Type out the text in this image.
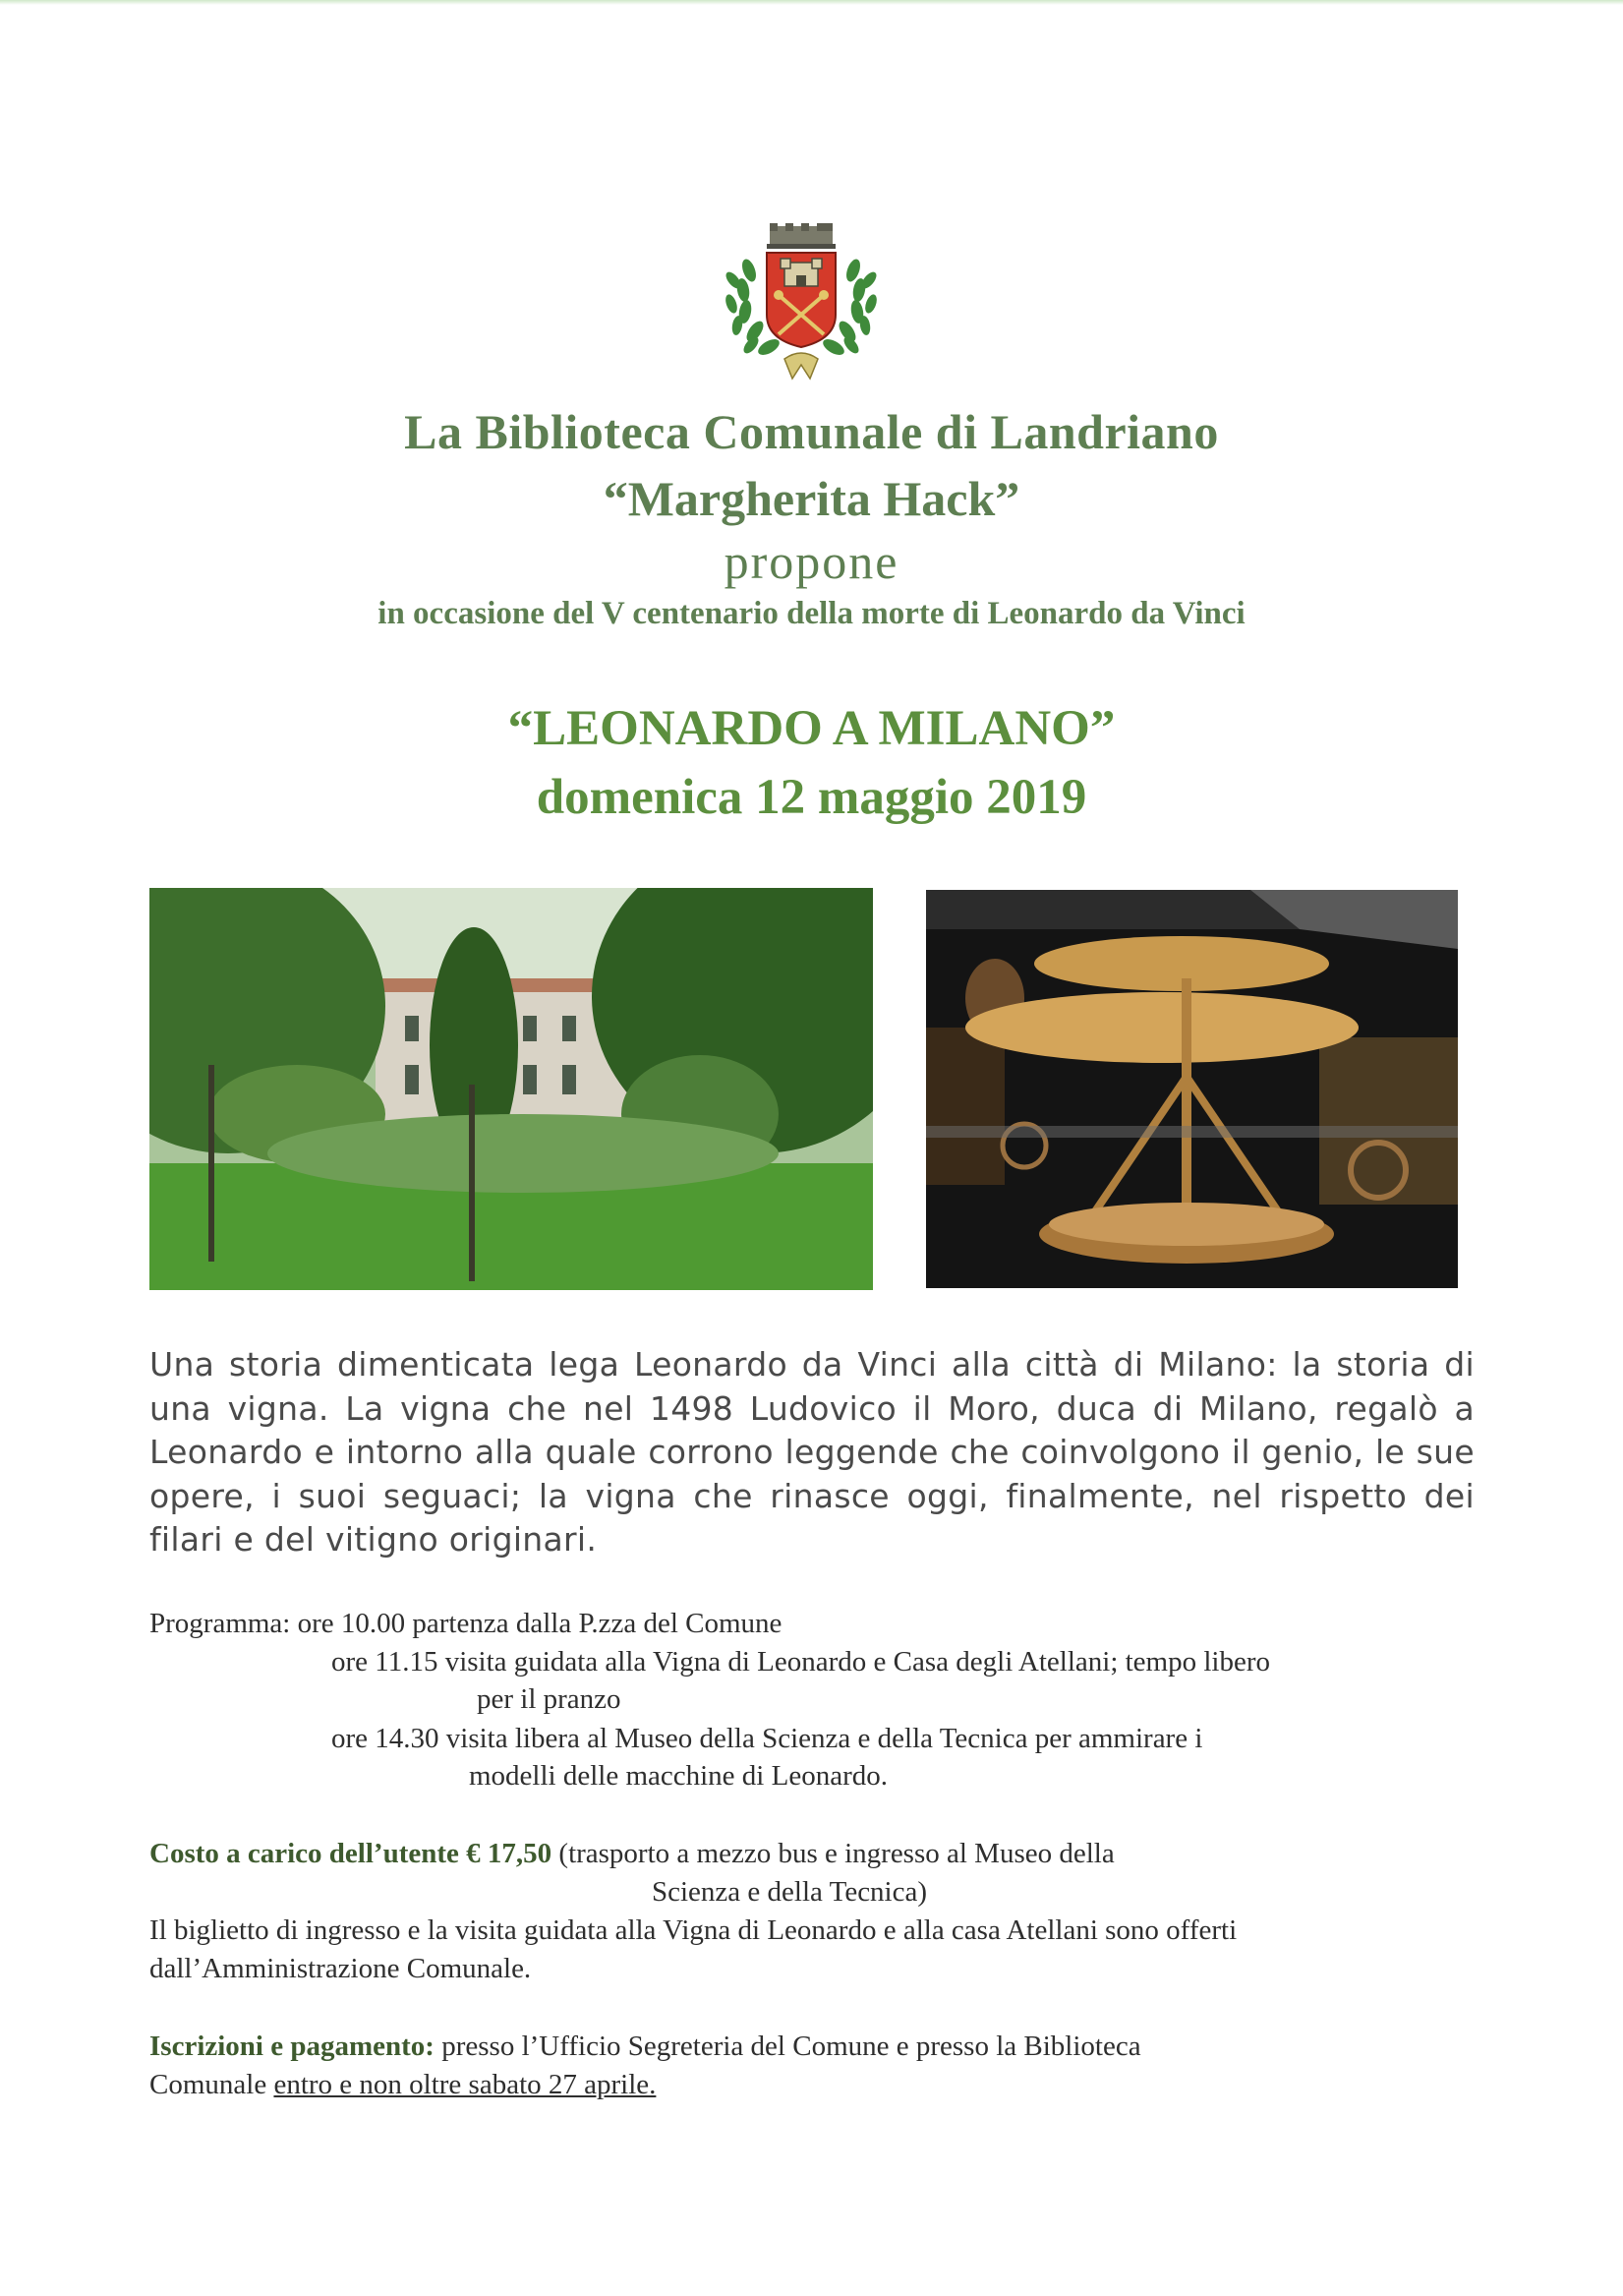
La Biblioteca Comunale di Landriano
“Margherita Hack”
propone
in occasione del V centenario della morte di Leonardo da Vinci
“LEONARDO A MILANO”
domenica 12 maggio 2019
Una storia dimenticata lega Leonardo da Vinci alla città di Milano: la storia di una vigna. La vigna che nel 1498 Ludovico il Moro, duca di Milano, regalò a Leonardo e intorno alla quale corrono leggende che coinvolgono il genio, le sue opere, i suoi seguaci; la vigna che rinasce oggi, finalmente, nel rispetto dei filari e del vitigno originari.
Programma: ore 10.00 partenza dalla P.zza del Comune
ore 11.15 visita guidata alla Vigna di Leonardo e Casa degli Atellani; tempo libero
per il pranzo
ore 14.30 visita libera al Museo della Scienza e della Tecnica per ammirare i
modelli delle macchine di Leonardo.
Costo a carico dell’utente € 17,50 (trasporto a mezzo bus e ingresso al Museo della
Scienza e della Tecnica)
Il biglietto di ingresso e la visita guidata alla Vigna di Leonardo e alla casa Atellani sono offerti
dall’Amministrazione Comunale.
Iscrizioni e pagamento: presso l’Ufficio Segreteria del Comune e presso la Biblioteca
Comunale entro e non oltre sabato 27 aprile.
